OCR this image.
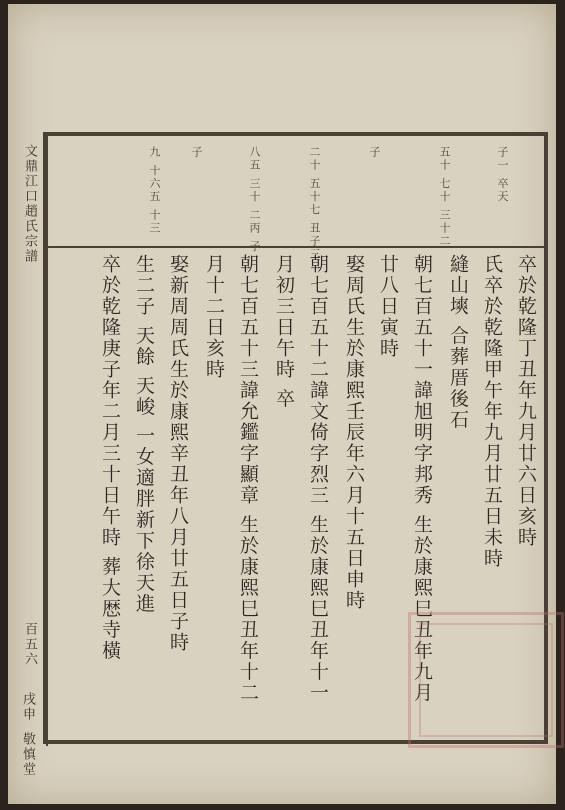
文鼎江口趙氏宗譜
百五六
戌申
敬慎堂
子一 卒天
五十 七十 三十二
子
二十 五十七 丑子三
八五 三十 二丙 子
子
九 十六五 十三
卒於乾隆丁丑年九月廿六日亥時
氏卒於乾隆甲午年九月廿五日未時
縫山塽 合葬厝後石
朝七百五十一諱旭明字邦秀 生於康熙巳丑年九月
廿八日寅時
娶周氏生於康熙壬辰年六月十五日申時
朝七百五十二諱文倚字烈三 生於康熙巳丑年十一
月初三日午時 卒
朝七百五十三諱允鑑字顯章 生於康熙巳丑年十二
月十二日亥時
娶新周周氏生於康熙辛丑年八月廿五日子時
生二子 天餘 天峻 一女適胖新下徐天進
卒於乾隆庚子年二月三十日午時 葬大厯寺橫
